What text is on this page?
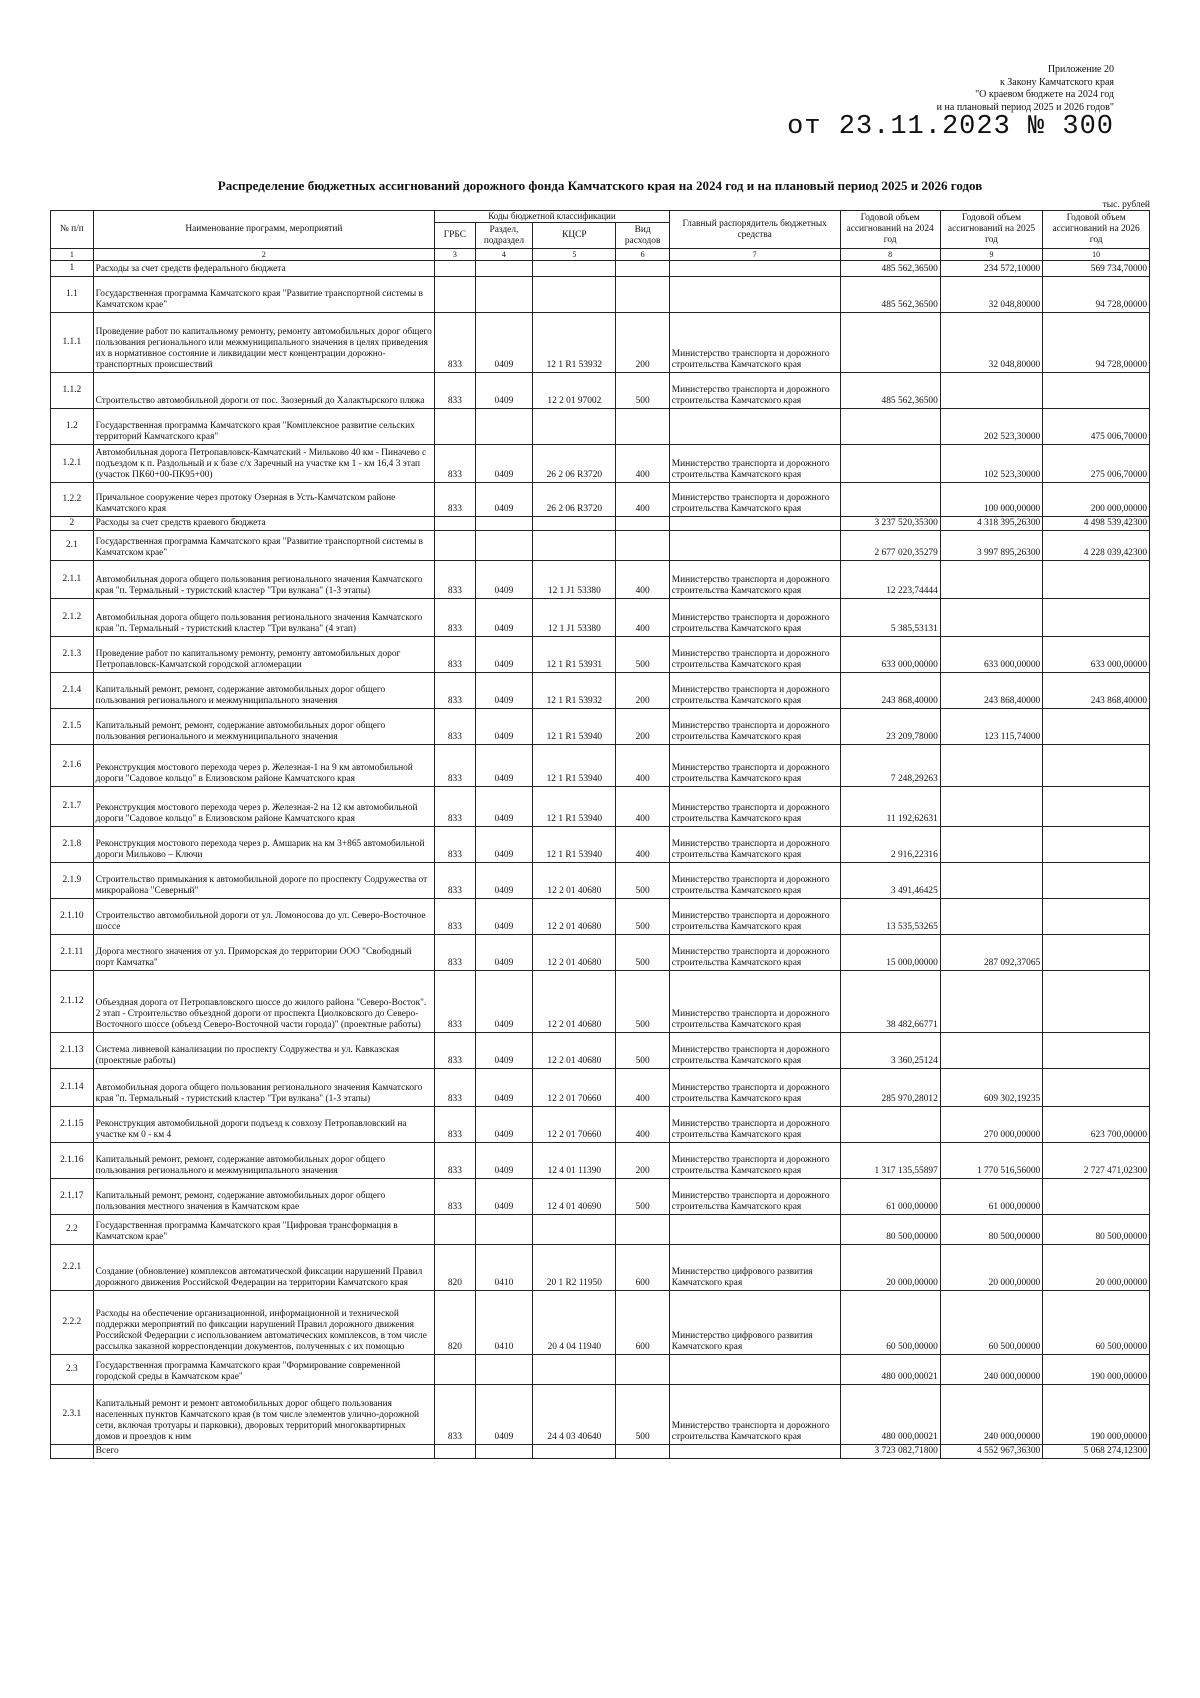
Приложение 20
к Закону Камчатского края
"О краевом бюджете на 2024 год
и на плановый период 2025 и 2026 годов"
от 23.11.2023 № 300
Распределение бюджетных ассигнований дорожного фонда Камчатского края на 2024 год и на плановый период 2025 и 2026 годов
тыс. рублей
№ п/п	Наименование программ, мероприятий	Коды бюджетной классификации				Главный распорядитель бюджетных средства	Годовой объем ассигнований на 2024 год	Годовой объем ассигнований на 2025 год	Годовой объем ассигнований на 2026 год
		ГРБС	Раздел, подраздел	КЦСР	Вид расходов				
1	2	3	4	5	6	7	8	9	10
1	Расходы за счет средств федерального бюджета						485 562,36500	234 572,10000	569 734,70000
1.1	Государственная программа Камчатского края "Развитие транспортной системы в Камчатском крае"						485 562,36500	32 048,80000	94 728,00000
1.1.1	Проведение работ по капитальному ремонту, ремонту автомобильных дорог общего пользования регионального или межмуниципального значения в целях приведения их в нормативное состояние и ликвидации мест концентрации дорожно-транспортных происшествий	833	0409	12 1 R1 53932	200	Министерство транспорта и дорожного строительства Камчатского края		32 048,80000	94 728,00000
1.1.2	Строительство автомобильной дороги от пос. Заозерный до Халактырского пляжа	833	0409	12 2 01 97002	500	Министерство транспорта и дорожного строительства Камчатского края	485 562,36500		
1.2	Государственная программа Камчатского края "Комплексное развитие сельских территорий Камчатского края"							202 523,30000	475 006,70000
1.2.1	Автомобильная дорога Петропавловск-Камчатский - Мильково 40 км - Пиначево с подъездом к п. Раздольный и к базе с/х Заречный на участке км 1 - км 16,4 3 этап (участок ПК60+00-ПК95+00)	833	0409	26 2 06 R3720	400	Министерство транспорта и дорожного строительства Камчатского края		102 523,30000	275 006,70000
1.2.2	Причальное сооружение через протоку Озерная в Усть-Камчатском районе Камчатского края	833	0409	26 2 06 R3720	400	Министерство транспорта и дорожного строительства Камчатского края		100 000,00000	200 000,00000
2	Расходы за счет средств краевого бюджета						3 237 520,35300	4 318 395,26300	4 498 539,42300
2.1	Государственная программа Камчатского края "Развитие транспортной системы в Камчатском крае"						2 677 020,35279	3 997 895,26300	4 228 039,42300
2.1.1	Автомобильная дорога общего пользования регионального значения Камчатского края "п. Термальный - туристский кластер "Три вулкана" (1-3 этапы)	833	0409	12 1 J1 53380	400	Министерство транспорта и дорожного строительства Камчатского края	12 223,74444		
2.1.2	Автомобильная дорога общего пользования регионального значения Камчатского края "п. Термальный - туристский кластер "Три вулкана" (4 этап)	833	0409	12 1 J1 53380	400	Министерство транспорта и дорожного строительства Камчатского края	5 385,53131		
2.1.3	Проведение работ по капитальному ремонту, ремонту автомобильных дорог Петропавловск-Камчатской городской агломерации	833	0409	12 1 R1 53931	500	Министерство транспорта и дорожного строительства Камчатского края	633 000,00000	633 000,00000	633 000,00000
2.1.4	Капитальный ремонт, ремонт, содержание автомобильных дорог общего пользования регионального и межмуниципального значения	833	0409	12 1 R1 53932	200	Министерство транспорта и дорожного строительства Камчатского края	243 868,40000	243 868,40000	243 868,40000
2.1.5	Капитальный ремонт, ремонт, содержание автомобильных дорог общего пользования регионального и межмуниципального значения	833	0409	12 1 R1 53940	200	Министерство транспорта и дорожного строительства Камчатского края	23 209,78000	123 115,74000	
2.1.6	Реконструкция мостового перехода через р. Железная-1 на 9 км автомобильной дороги "Садовое кольцо" в Елизовском районе Камчатского края	833	0409	12 1 R1 53940	400	Министерство транспорта и дорожного строительства Камчатского края	7 248,29263		
2.1.7	Реконструкция мостового перехода через р. Железная-2 на 12 км автомобильной дороги "Садовое кольцо" в Елизовском районе Камчатского края	833	0409	12 1 R1 53940	400	Министерство транспорта и дорожного строительства Камчатского края	11 192,62631		
2.1.8	Реконструкция мостового перехода через р. Амшарик на км 3+865 автомобильной дороги Мильково – Ключи	833	0409	12 1 R1 53940	400	Министерство транспорта и дорожного строительства Камчатского края	2 916,22316		
2.1.9	Строительство примыкания к автомобильной дороге по проспекту Содружества от микрорайона "Северный"	833	0409	12 2 01 40680	500	Министерство транспорта и дорожного строительства Камчатского края	3 491,46425		
2.1.10	Строительство автомобильной дороги от ул. Ломоносова до ул. Северо-Восточное шоссе	833	0409	12 2 01 40680	500	Министерство транспорта и дорожного строительства Камчатского края	13 535,53265		
2.1.11	Дорога местного значения от ул. Приморская до территории ООО "Свободный порт Камчатка"	833	0409	12 2 01 40680	500	Министерство транспорта и дорожного строительства Камчатского края	15 000,00000	287 092,37065	
2.1.12	Объездная дорога от Петропавловского шоссе до жилого района "Северо-Восток". 2 этап - Строительство объездной дороги от проспекта Циолковского до Северо-Восточного шоссе (объезд Северо-Восточной части города)" (проектные работы)	833	0409	12 2 01 40680	500	Министерство транспорта и дорожного строительства Камчатского края	38 482,66771		
2.1.13	Система ливневой канализации по проспекту Содружества и ул. Кавказская (проектные работы)	833	0409	12 2 01 40680	500	Министерство транспорта и дорожного строительства Камчатского края	3 360,25124		
2.1.14	Автомобильная дорога общего пользования регионального значения Камчатского края "п. Термальный - туристский кластер "Три вулкана" (1-3 этапы)	833	0409	12 2 01 70660	400	Министерство транспорта и дорожного строительства Камчатского края	285 970,28012	609 302,19235	
2.1.15	Реконструкция автомобильной дороги подъезд к совхозу Петропавловский на участке км 0 - км 4	833	0409	12 2 01 70660	400	Министерство транспорта и дорожного строительства Камчатского края		270 000,00000	623 700,00000
2.1.16	Капитальный ремонт, ремонт, содержание автомобильных дорог общего пользования регионального и межмуниципального значения	833	0409	12 4 01 11390	200	Министерство транспорта и дорожного строительства Камчатского края	1 317 135,55897	1 770 516,56000	2 727 471,02300
2.1.17	Капитальный ремонт, ремонт, содержание автомобильных дорог общего пользования местного значения в Камчатском крае	833	0409	12 4 01 40690	500	Министерство транспорта и дорожного строительства Камчатского края	61 000,00000	61 000,00000	
2.2	Государственная программа Камчатского края "Цифровая трансформация в Камчатском крае"						80 500,00000	80 500,00000	80 500,00000
2.2.1	Создание (обновление) комплексов автоматической фиксации нарушений Правил дорожного движения Российской Федерации на территории Камчатского края	820	0410	20 1 R2 11950	600	Министерство цифрового развития Камчатского края	20 000,00000	20 000,00000	20 000,00000
2.2.2	Расходы на обеспечение организационной, информационной и технической поддержки мероприятий по фиксации нарушений Правил дорожного движения Российской Федерации с использованием автоматических комплексов, в том числе рассылка заказной корреспонденции документов, полученных с их помощью	820	0410	20 4 04 11940	600	Министерство цифрового развития Камчатского края	60 500,00000	60 500,00000	60 500,00000
2.3	Государственная программа Камчатского края "Формирование современной городской среды в Камчатском крае"						480 000,00021	240 000,00000	190 000,00000
2.3.1	Капитальный ремонт и ремонт автомобильных дорог общего пользования населенных пунктов Камчатского края (в том числе элементов улично-дорожной сети, включая тротуары и парковки), дворовых территорий многоквартирных домов и проездов к ним	833	0409	24 4 03 40640	500	Министерство транспорта и дорожного строительства Камчатского края	480 000,00021	240 000,00000	190 000,00000
	Всего						3 723 082,71800	4 552 967,36300	5 068 274,12300
